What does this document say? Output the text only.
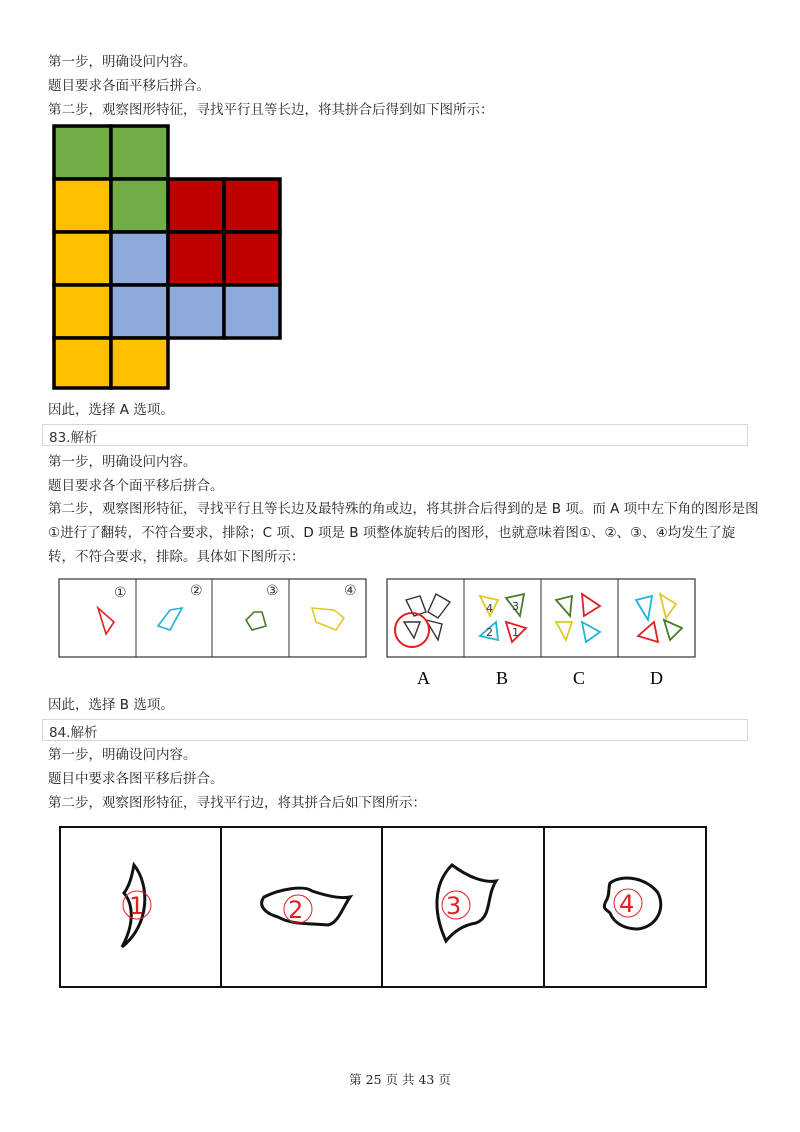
第一步，明确设问内容。
题目要求各面平移后拼合。
第二步，观察图形特征，寻找平行且等长边，将其拼合后得到如下图所示：
因此，选择 A 选项。
83.解析
第一步，明确设问内容。
题目要求各个面平移后拼合。
第二步，观察图形特征，寻找平行且等长边及最特殊的角或边，将其拼合后得到的是 B 项。而 A 项中左下角的图形是图①进行了翻转，不符合要求，排除；C 项、D 项是 B 项整体旋转后的图形，也就意味着图①、②、③、④均发生了旋转，不符合要求，排除。具体如下图所示：
①	②	③	④
4 3
2 1
A	B	C	D
因此，选择 B 选项。
84.解析
第一步，明确设问内容。
题目中要求各图平移后拼合。
第二步，观察图形特征，寻找平行边，将其拼合后如下图所示：
1	2	3	4
第 25 页 共 43 页
